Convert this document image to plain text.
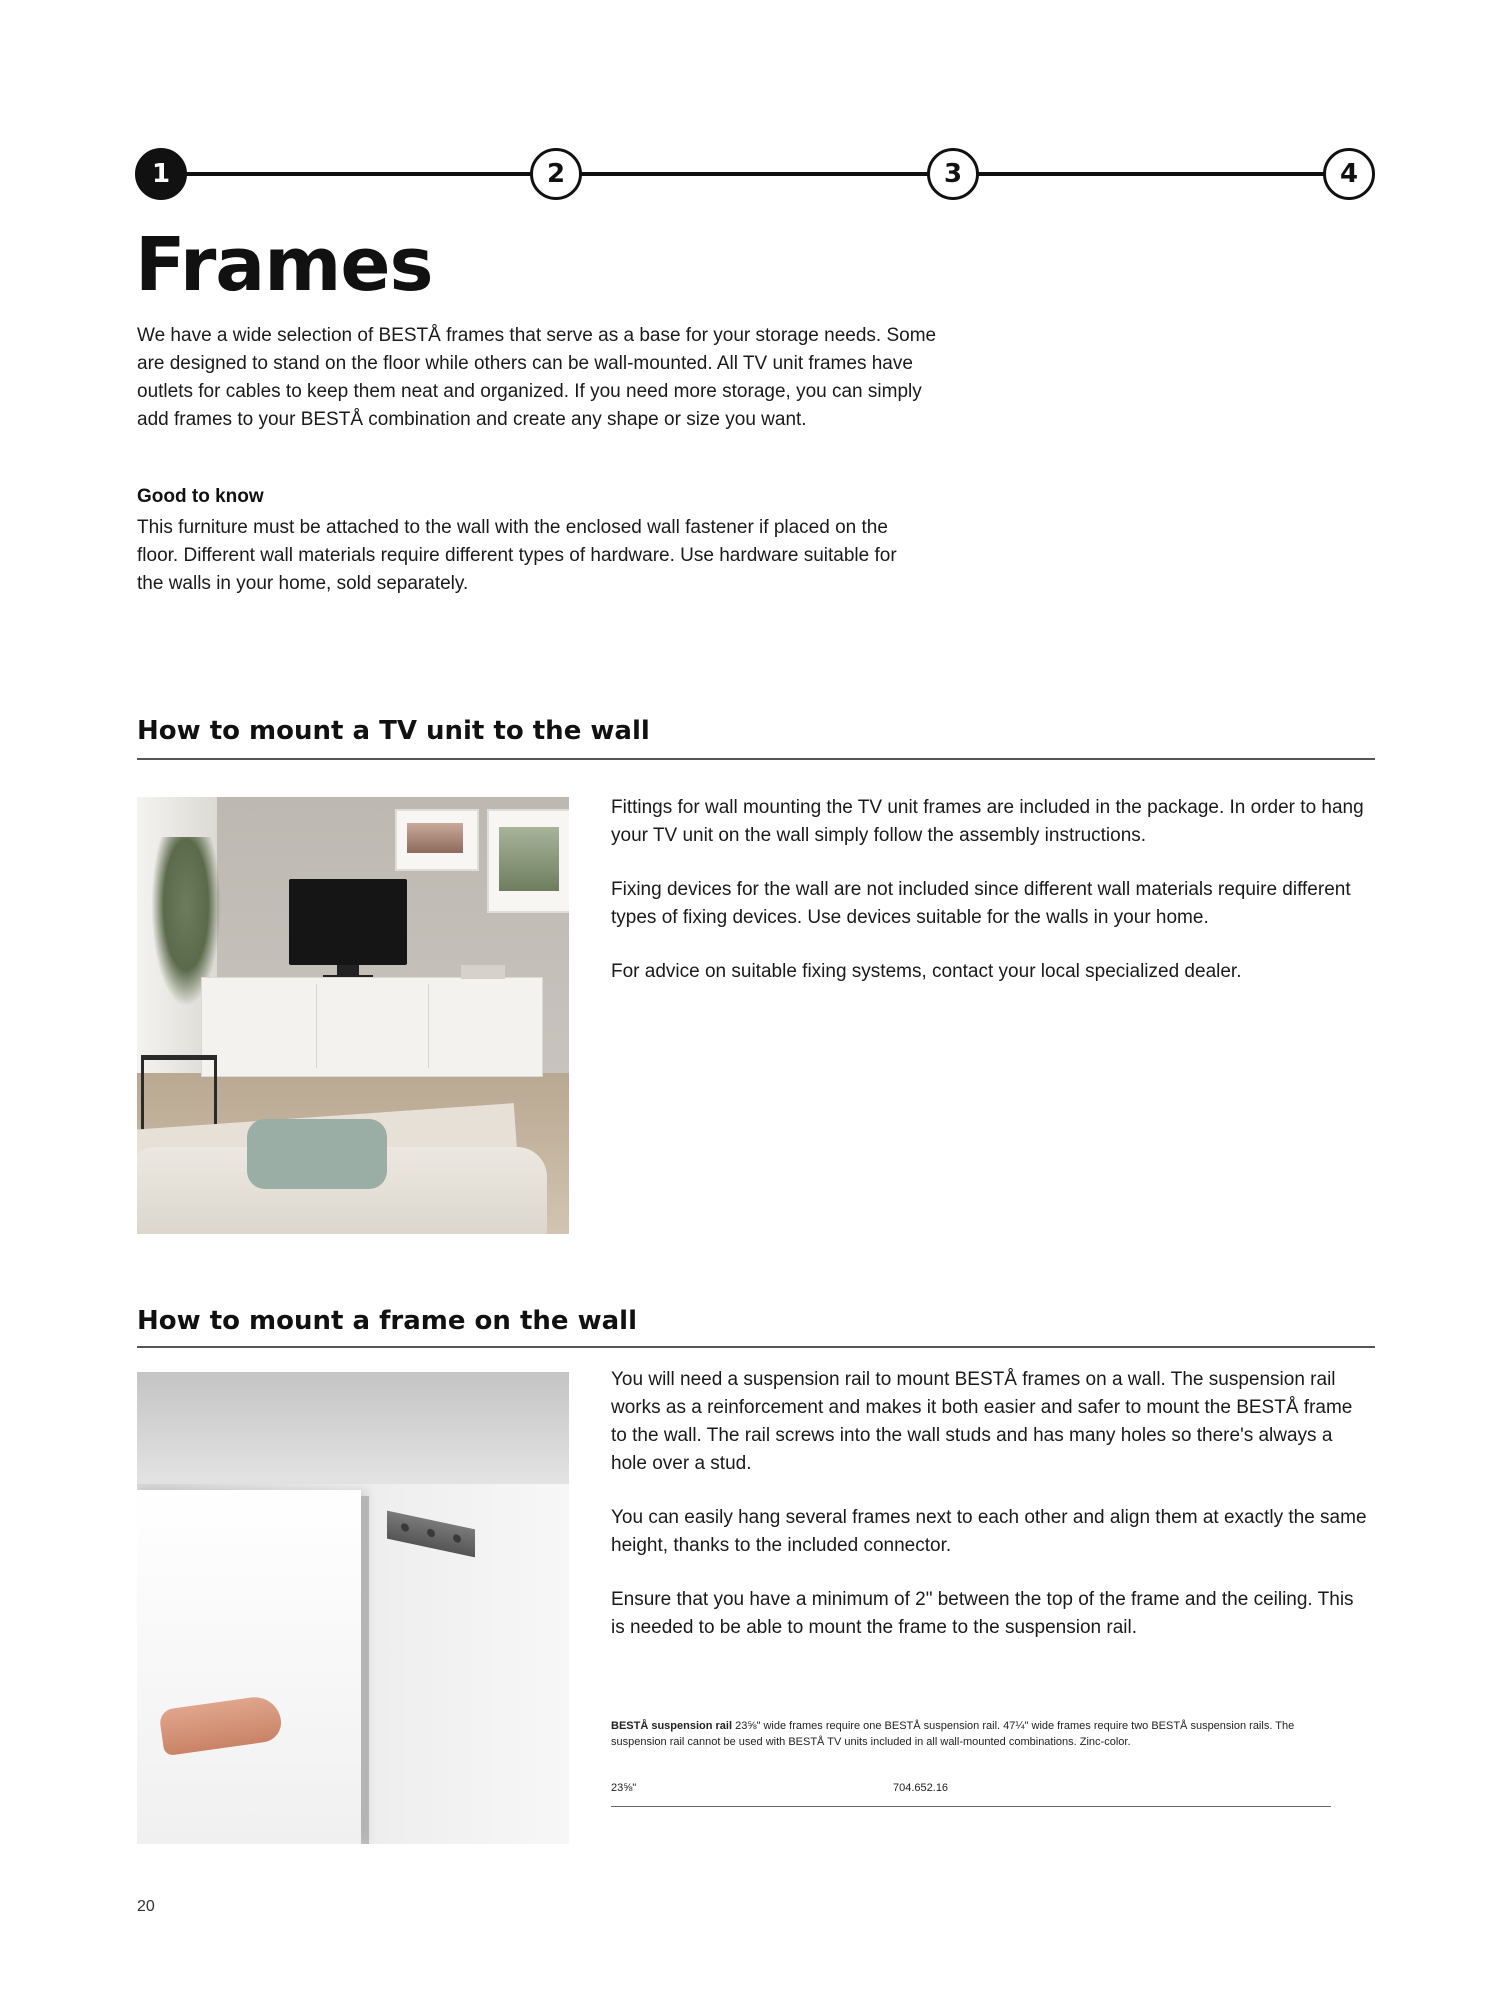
1	2	3	4
Frames
We have a wide selection of BESTÅ frames that serve as a base for your storage needs. Some are designed to stand on the floor while others can be wall-mounted. All TV unit frames have outlets for cables to keep them neat and organized. If you need more storage, you can simply add frames to your BESTÅ combination and create any shape or size you want.
Good to know
This furniture must be attached to the wall with the enclosed wall fastener if placed on the floor. Different wall materials require different types of hardware. Use hardware suitable for the walls in your home, sold separately.
How to mount a TV unit to the wall

Fittings for wall mounting the TV unit frames are included in the package. In order to hang your TV unit on the wall simply follow the assembly instructions.

Fixing devices for the wall are not included since different wall materials require different types of fixing devices. Use devices suitable for the walls in your home.

For advice on suitable fixing systems, contact your local specialized dealer.

How to mount a frame on the wall

You will need a suspension rail to mount BESTÅ frames on a wall. The suspension rail works as a reinforcement and makes it both easier and safer to mount the BESTÅ frame to the wall. The rail screws into the wall studs and has many holes so there's always a hole over a stud.

You can easily hang several frames next to each other and align them at exactly the same height, thanks to the included connector.

Ensure that you have a minimum of 2" between the top of the frame and the ceiling. This is needed to be able to mount the frame to the suspension rail.

BESTÅ suspension rail 23⅝" wide frames require one BESTÅ suspension rail. 47¼" wide frames require two BESTÅ suspension rails. The suspension rail cannot be used with BESTÅ TV units included in all wall-mounted combinations. Zinc-color.
23⅝"	704.652.16
20
